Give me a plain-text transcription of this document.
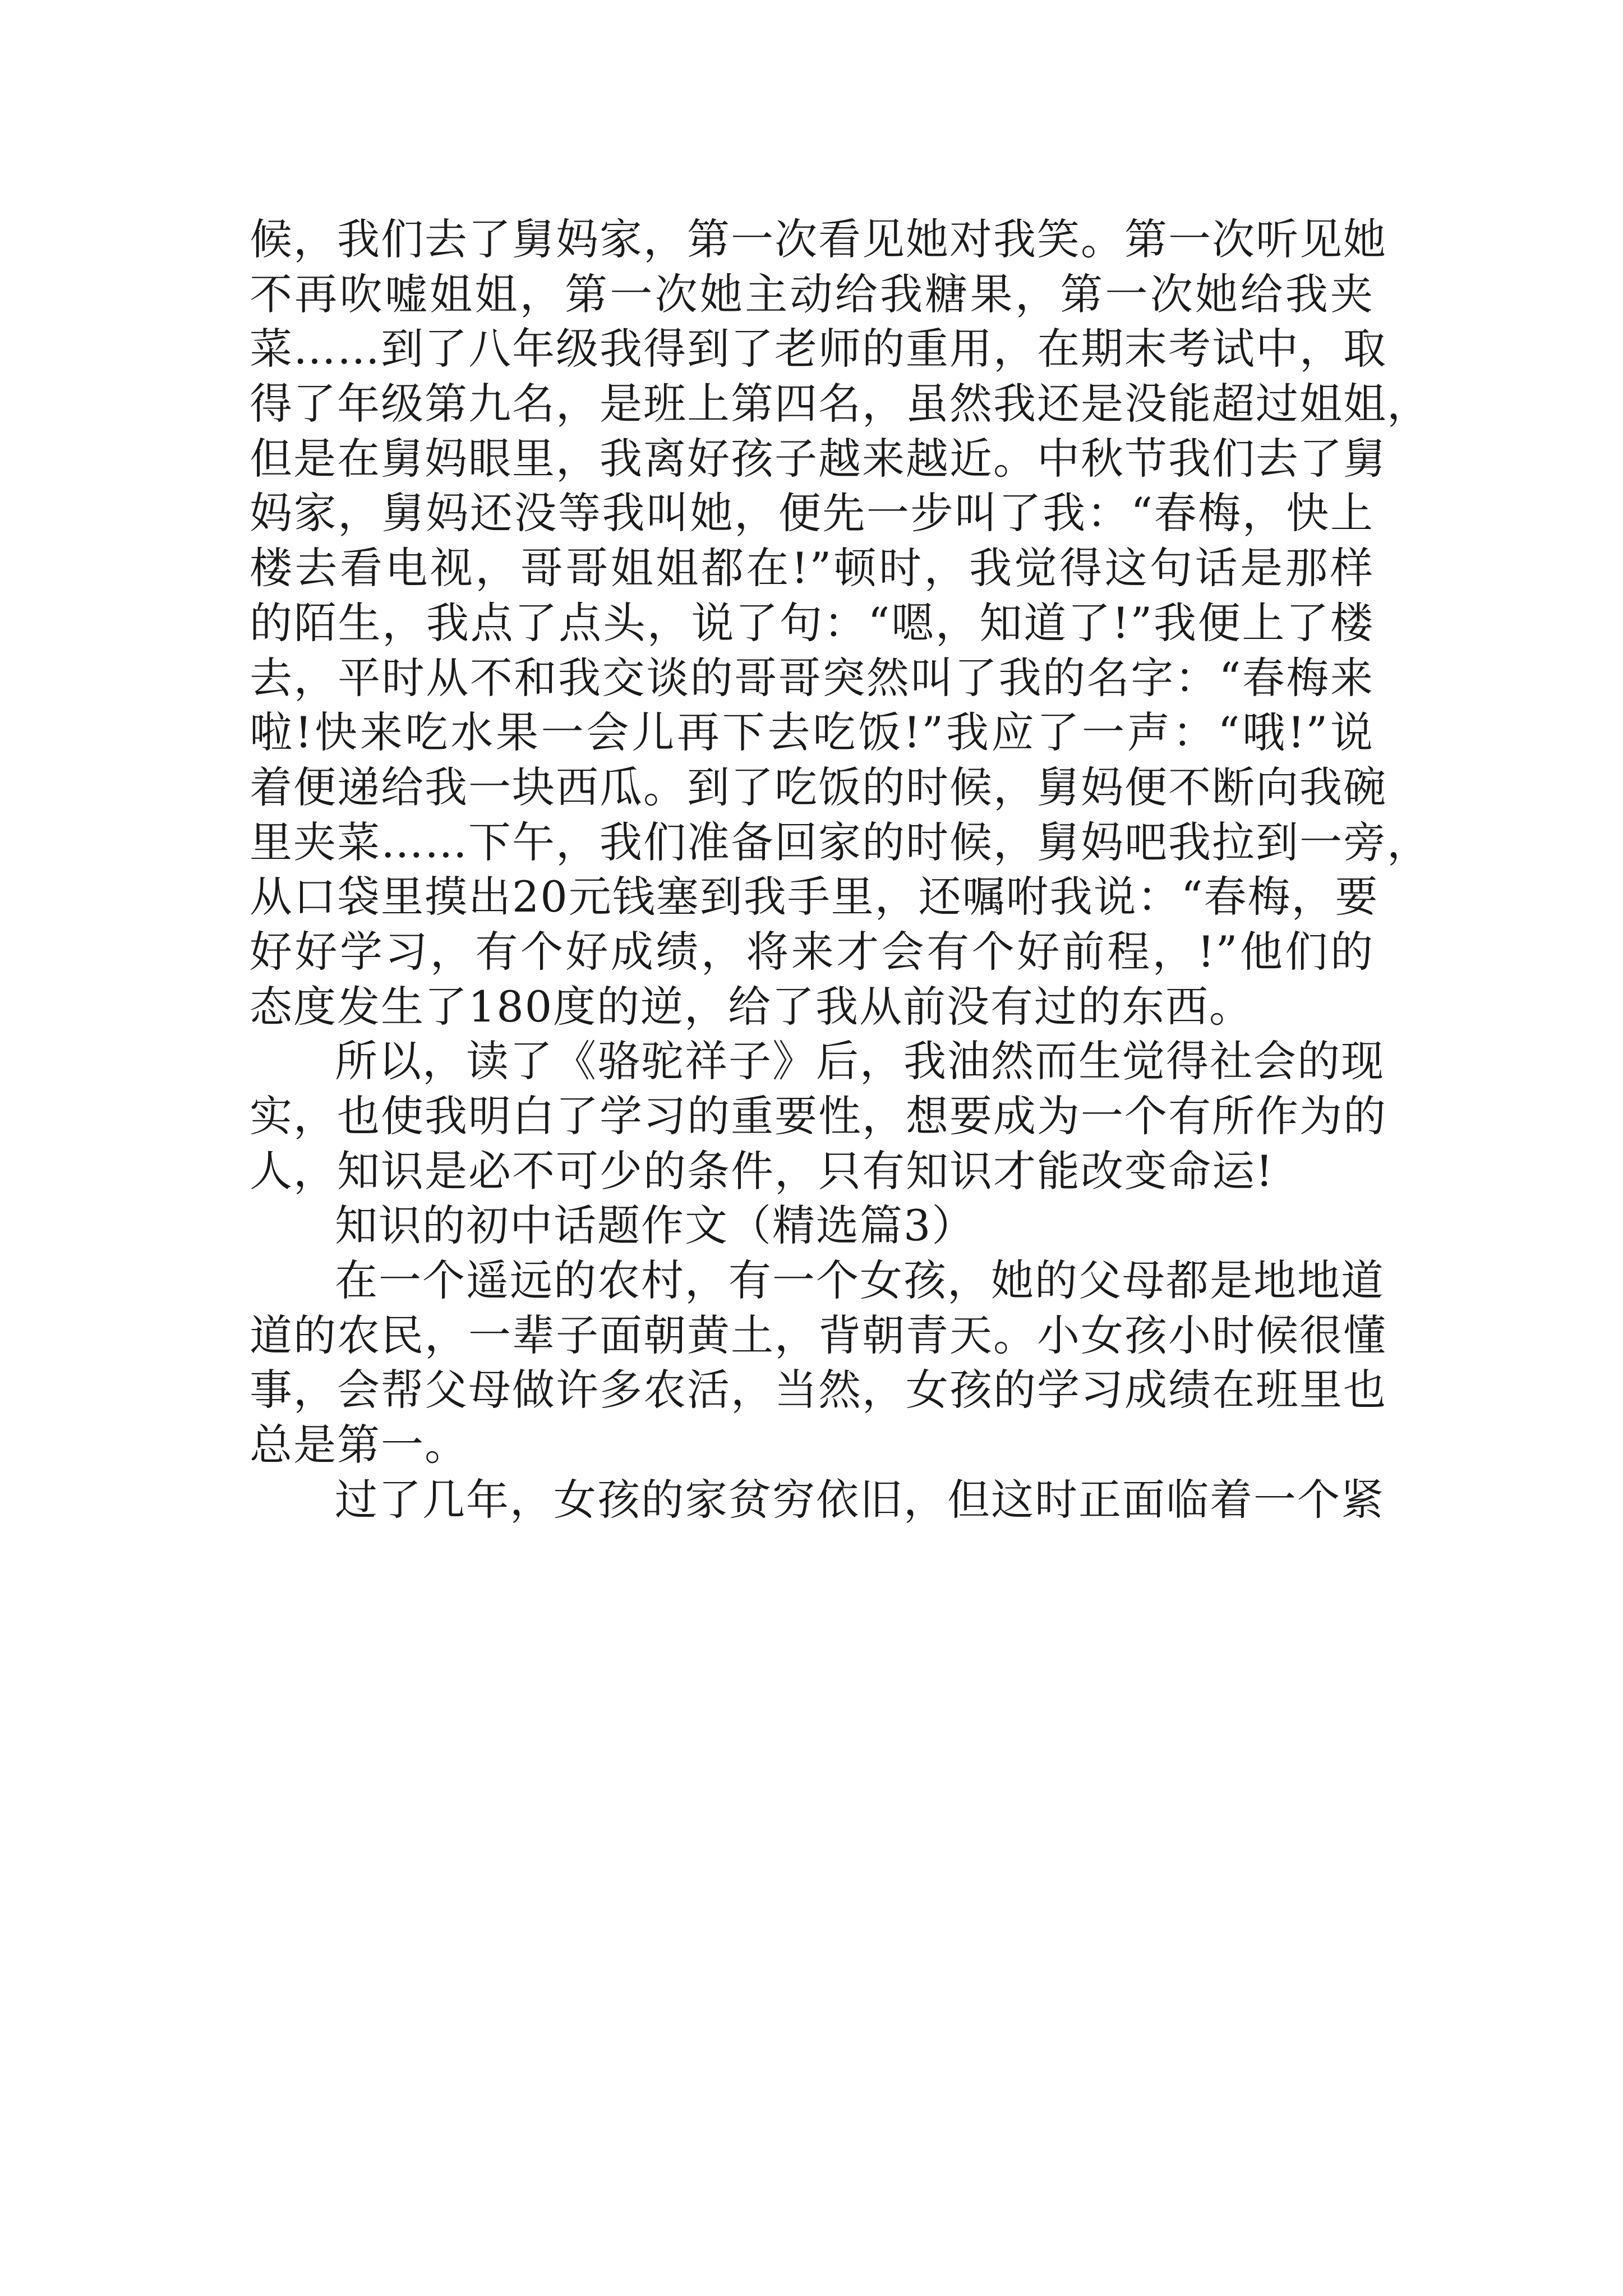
候，我们去了舅妈家，第一次看见她对我笑。第一次听见她
不再吹嘘姐姐，第一次她主动给我糖果，第一次她给我夹
菜……到了八年级我得到了老师的重用，在期末考试中，取
得了年级第九名，是班上第四名，虽然我还是没能超过姐姐，
但是在舅妈眼里，我离好孩子越来越近。中秋节我们去了舅
妈家，舅妈还没等我叫她，便先一步叫了我：“春梅，快上
楼去看电视，哥哥姐姐都在!”顿时，我觉得这句话是那样
的陌生，我点了点头，说了句：“嗯，知道了!”我便上了楼
去，平时从不和我交谈的哥哥突然叫了我的名字：“春梅来
啦!快来吃水果一会儿再下去吃饭!”我应了一声：“哦!”说
着便递给我一块西瓜。到了吃饭的时候，舅妈便不断向我碗
里夹菜……下午，我们准备回家的时候，舅妈吧我拉到一旁，
从口袋里摸出20元钱塞到我手里，还嘱咐我说：“春梅，要
好好学习，有个好成绩，将来才会有个好前程，!”他们的
态度发生了180度的逆，给了我从前没有过的东西。
所以，读了《骆驼祥子》后，我油然而生觉得社会的现
实，也使我明白了学习的重要性，想要成为一个有所作为的
人，知识是必不可少的条件，只有知识才能改变命运!
知识的初中话题作文（精选篇3）
在一个遥远的农村，有一个女孩，她的父母都是地地道
道的农民，一辈子面朝黄土，背朝青天。小女孩小时候很懂
事，会帮父母做许多农活，当然，女孩的学习成绩在班里也
总是第一。
过了几年，女孩的家贫穷依旧，但这时正面临着一个紧
